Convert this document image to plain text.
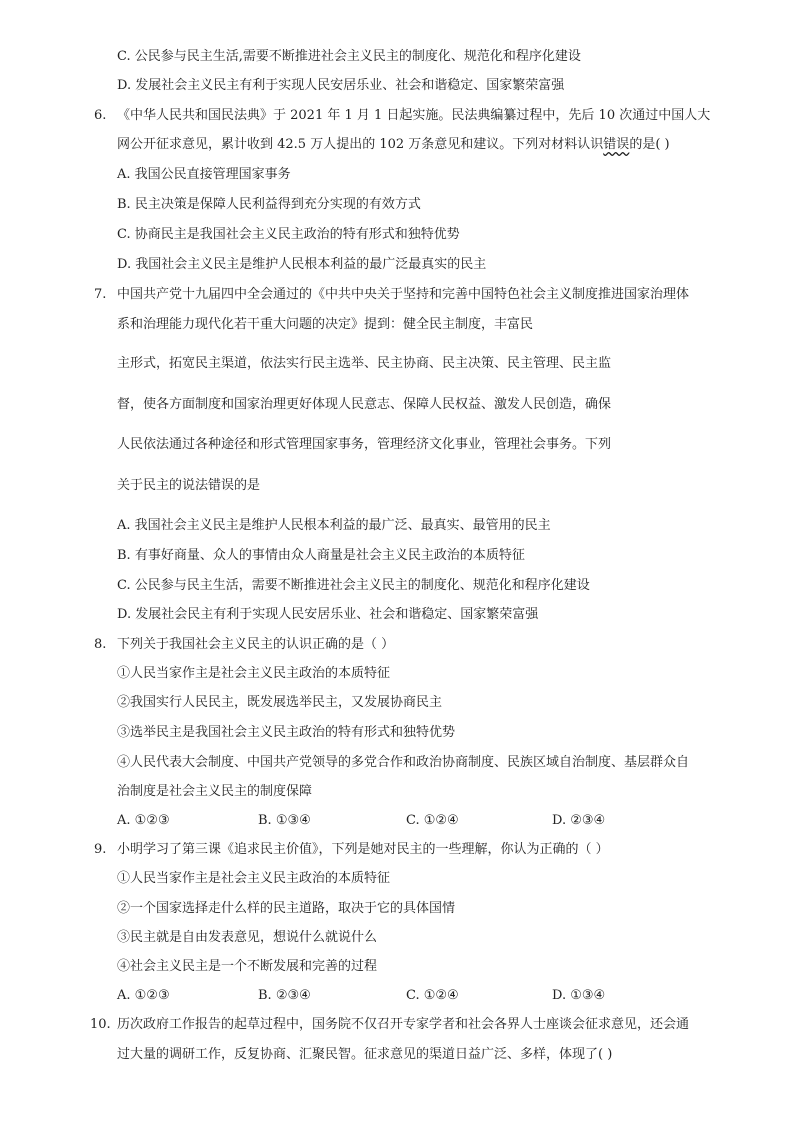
C. 公民参与民主生活,需要不断推进社会主义民主的制度化、规范化和程序化建设
D. 发展社会主义民主有利于实现人民安居乐业、社会和谐稳定、国家繁荣富强
6. 《中华人民共和国民法典》于 2021 年 1 月 1 日起实施。民法典编纂过程中，先后 10 次通过中国人大
网公开征求意见，累计收到 42.5 万人提出的 102 万条意见和建议。下列对材料认识错误的是( )
A. 我国公民直接管理国家事务
B. 民主决策是保障人民利益得到充分实现的有效方式
C. 协商民主是我国社会主义民主政治的特有形式和独特优势
D. 我国社会主义民主是维护人民根本利益的最广泛最真实的民主
7. 中国共产党十九届四中全会通过的《中共中央关于坚持和完善中国特色社会主义制度推进国家治理体
系和治理能力现代化若干重大问题的决定》提到：健全民主制度，丰富民
主形式，拓宽民主渠道，依法实行民主选举、民主协商、民主决策、民主管理、民主监
督，使各方面制度和国家治理更好体现人民意志、保障人民权益、激发人民创造，确保
人民依法通过各种途径和形式管理国家事务，管理经济文化事业，管理社会事务。下列
关于民主的说法错误的是
A. 我国社会主义民主是维护人民根本利益的最广泛、最真实、最管用的民主
B. 有事好商量、众人的事情由众人商量是社会主义民主政治的本质特征
C. 公民参与民主生活，需要不断推进社会主义民主的制度化、规范化和程序化建设
D. 发展社会民主有利于实现人民安居乐业、社会和谐稳定、国家繁荣富强
8. 下列关于我国社会主义民主的认识正确的是（ ）
①人民当家作主是社会主义民主政治的本质特征
②我国实行人民民主，既发展选举民主，又发展协商民主
③选举民主是我国社会主义民主政治的特有形式和独特优势
④人民代表大会制度、中国共产党领导的多党合作和政治协商制度、民族区域自治制度、基层群众自
治制度是社会主义民主的制度保障
A. ①②③	B. ①③④	C. ①②④	D. ②③④
9. 小明学习了第三课《追求民主价值》，下列是她对民主的一些理解，你认为正确的（ ）
①人民当家作主是社会主义民主政治的本质特征
②一个国家选择走什么样的民主道路，取决于它的具体国情
③民主就是自由发表意见，想说什么就说什么
④社会主义民主是一个不断发展和完善的过程
A. ①②③	B. ②③④	C. ①②④	D. ①③④
10. 历次政府工作报告的起草过程中，国务院不仅召开专家学者和社会各界人士座谈会征求意见，还会通
过大量的调研工作，反复协商、汇聚民智。征求意见的渠道日益广泛、多样，体现了( )
